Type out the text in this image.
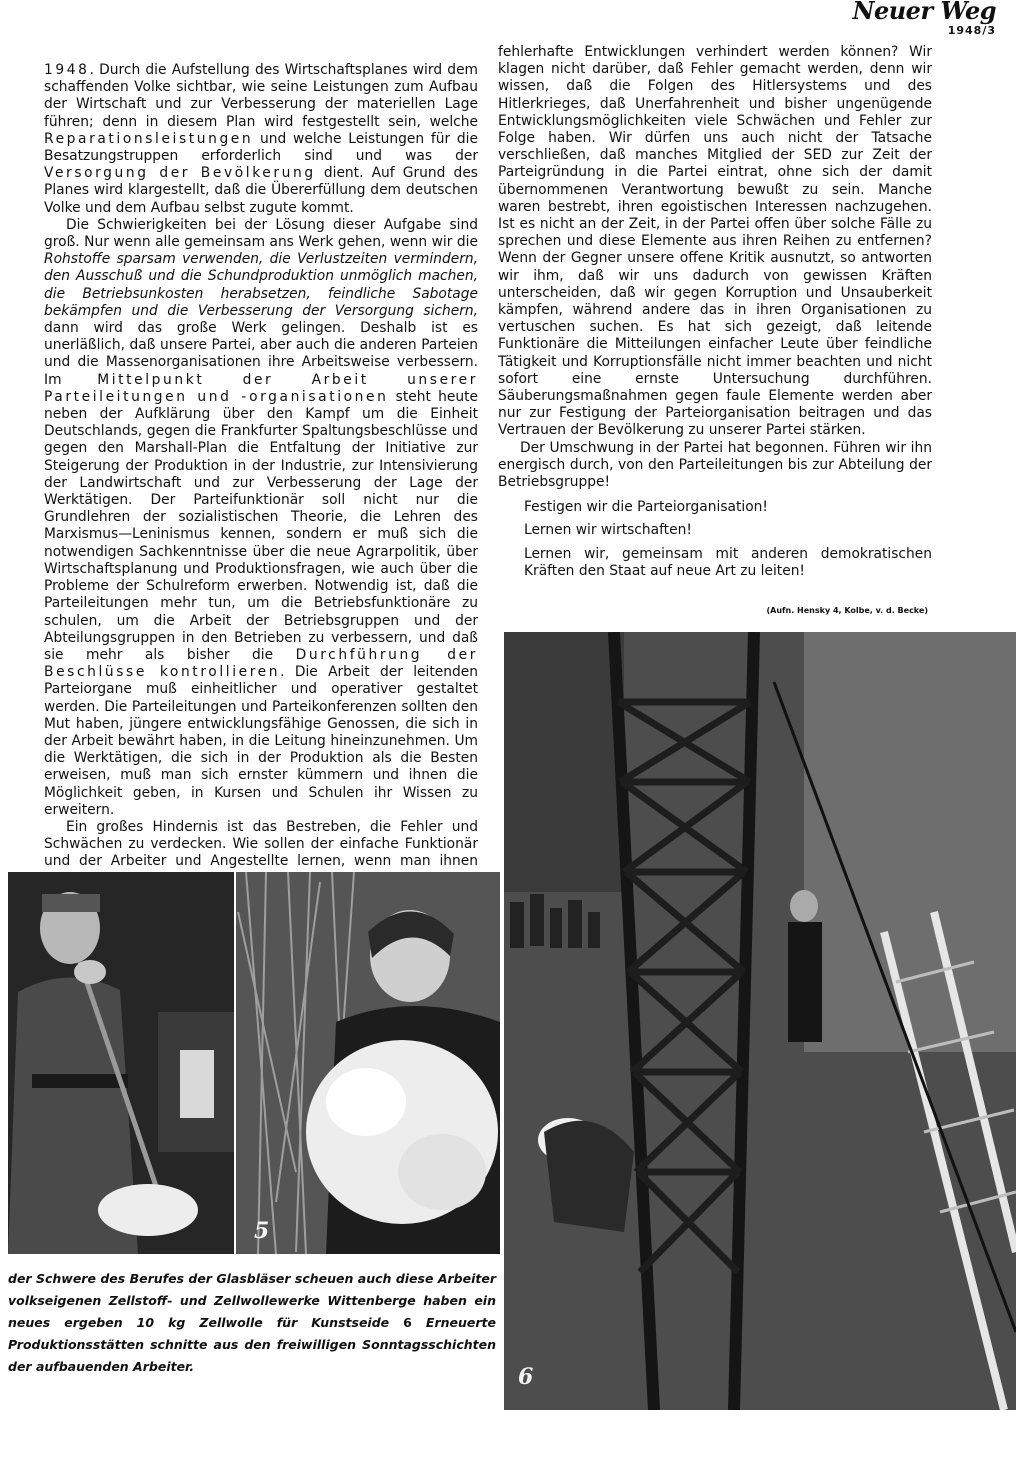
Neuer Weg
1948/3

1948. Durch die Aufstellung des Wirtschaftsplanes wird dem schaffenden Volke sichtbar, wie seine Leistungen zum Aufbau der Wirtschaft und zur Verbesserung der materiellen Lage führen; denn in diesem Plan wird festgestellt sein, welche Reparationsleistungen und welche Leistungen für die Besatzungstruppen erforderlich sind und was der Versorgung der Bevölkerung dient. Auf Grund des Planes wird klargestellt, daß die Übererfüllung dem deutschen Volke und dem Aufbau selbst zugute kommt.

Die Schwierigkeiten bei der Lösung dieser Aufgabe sind groß. Nur wenn alle gemeinsam ans Werk gehen, wenn wir die Rohstoffe sparsam verwenden, die Verlustzeiten vermindern, den Ausschuß und die Schundproduktion unmöglich machen, die Betriebsunkosten herabsetzen, feindliche Sabotage bekämpfen und die Verbesserung der Versorgung sichern, dann wird das große Werk gelingen. Deshalb ist es unerläßlich, daß unsere Partei, aber auch die anderen Parteien und die Massenorganisationen ihre Arbeitsweise verbessern. Im Mittelpunkt der Arbeit unserer Parteileitungen und -organisationen steht heute neben der Aufklärung über den Kampf um die Einheit Deutschlands, gegen die Frankfurter Spaltungsbeschlüsse und gegen den Marshall-Plan die Entfaltung der Initiative zur Steigerung der Produktion in der Industrie, zur Intensivierung der Landwirtschaft und zur Verbesserung der Lage der Werktätigen. Der Parteifunktionär soll nicht nur die Grundlehren der sozialistischen Theorie, die Lehren des Marxismus—Leninismus kennen, sondern er muß sich die notwendigen Sachkenntnisse über die neue Agrarpolitik, über Wirtschaftsplanung und Produktionsfragen, wie auch über die Probleme der Schulreform erwerben. Notwendig ist, daß die Parteileitungen mehr tun, um die Betriebsfunktionäre zu schulen, um die Arbeit der Betriebsgruppen und der Abteilungsgruppen in den Betrieben zu verbessern, und daß sie mehr als bisher die Durchführung der Beschlüsse kontrollieren. Die Arbeit der leitenden Parteiorgane muß einheitlicher und operativer gestaltet werden. Die Parteileitungen und Parteikonferenzen sollten den Mut haben, jüngere entwicklungsfähige Genossen, die sich in der Arbeit bewährt haben, in die Leitung hineinzunehmen. Um die Werktätigen, die sich in der Produktion als die Besten erweisen, muß man sich ernster kümmern und ihnen die Möglichkeit geben, in Kursen und Schulen ihr Wissen zu erweitern.

Ein großes Hindernis ist das Bestreben, die Fehler und Schwächen zu verdecken. Wie sollen der einfache Funktionär und der Arbeiter und Angestellte lernen, wenn man ihnen

fehlerhafte Entwicklungen verhindert werden können? Wir klagen nicht darüber, daß Fehler gemacht werden, denn wir wissen, daß die Folgen des Hitlersystems und des Hitlerkrieges, daß Unerfahrenheit und bisher ungenügende Entwicklungsmöglichkeiten viele Schwächen und Fehler zur Folge haben. Wir dürfen uns auch nicht der Tatsache verschließen, daß manches Mitglied der SED zur Zeit der Parteigründung in die Partei eintrat, ohne sich der damit übernommenen Verantwortung bewußt zu sein. Manche waren bestrebt, ihren egoistischen Interessen nachzugehen. Ist es nicht an der Zeit, in der Partei offen über solche Fälle zu sprechen und diese Elemente aus ihren Reihen zu entfernen? Wenn der Gegner unsere offene Kritik ausnutzt, so antworten wir ihm, daß wir uns dadurch von gewissen Kräften unterscheiden, daß wir gegen Korruption und Unsauberkeit kämpfen, während andere das in ihren Organisationen zu vertuschen suchen. Es hat sich gezeigt, daß leitende Funktionäre die Mitteilungen einfacher Leute über feindliche Tätigkeit und Korruptionsfälle nicht immer beachten und nicht sofort eine ernste Untersuchung durchführen. Säuberungsmaßnahmen gegen faule Elemente werden aber nur zur Festigung der Parteiorganisation beitragen und das Vertrauen der Bevölkerung zu unserer Partei stärken.

Der Umschwung in der Partei hat begonnen. Führen wir ihn energisch durch, von den Parteileitungen bis zur Abteilung der Betriebsgruppe!

Festigen wir die Parteiorganisation!
Lernen wir wirtschaften!
Lernen wir, gemeinsam mit anderen demokratischen Kräften den Staat auf neue Art zu leiten!
(Aufn. Hensky 4, Kolbe, v. d. Becke)
5
6
der Schwere des Berufes der Glasbläser scheuen auch diese Arbeiter volkseigenen Zellstoff- und Zellwollewerke Wittenberge haben ein neues ergeben 10 kg Zellwolle für Kunstseide 6 Erneuerte Produktionsstätten schnitte aus den freiwilligen Sonntagsschichten der aufbauenden Arbeiter.
